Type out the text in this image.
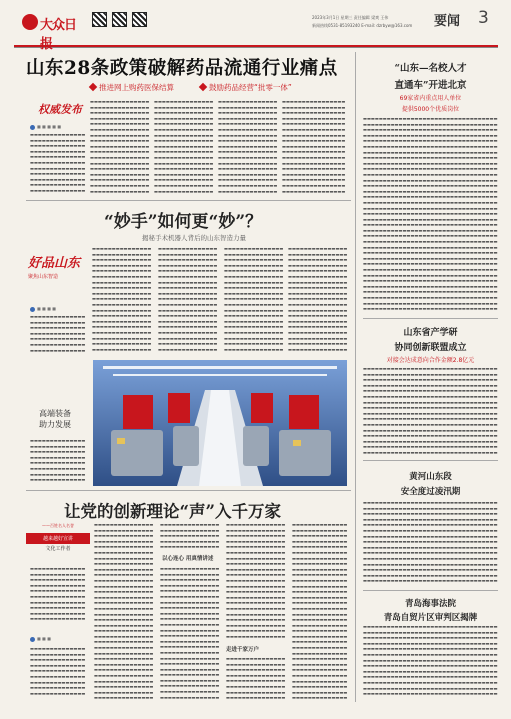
大众日
2023年3月1日 星期三 责任编辑 梁爽 王伟
新闻热线0531-85193240 E-mail: dzrbyw@163.com 要闻 3
山东28条政策破解药品流通行业痛点
推进网上购药医保结算	鼓励药品经营“批零一体”
权威发布
■ ■ ■ ■ ■
▬▬▬▬▬▬▬▬▬▬▬▬▬▬
▬▬▬▬▬▬▬▬▬▬▬▬▬▬
▬▬▬▬▬▬▬▬▬▬▬▬▬▬
▬▬▬▬▬▬▬▬▬▬▬▬▬▬
▬▬▬▬▬▬▬▬▬▬▬▬▬▬
▬▬▬▬▬▬▬▬▬▬▬▬▬▬
▬▬▬▬▬▬▬▬▬▬▬▬▬▬
▬▬▬▬▬▬▬▬▬▬▬▬▬▬
▬▬▬▬▬▬▬▬▬▬▬▬▬▬
▬▬▬▬▬▬▬▬▬▬▬▬▬▬
▬▬▬▬▬▬▬▬▬▬▬▬▬▬
▬▬▬▬▬▬▬▬▬▬▬▬▬▬▬
▬▬▬▬▬▬▬▬▬▬▬▬▬▬▬
▬▬▬▬▬▬▬▬▬▬▬▬▬▬▬
▬▬▬▬▬▬▬▬▬▬▬▬▬▬▬
▬▬▬▬▬▬▬▬▬▬▬▬▬▬▬
▬▬▬▬▬▬▬▬▬▬▬▬▬▬▬
▬▬▬▬▬▬▬▬▬▬▬▬▬▬▬
▬▬▬▬▬▬▬▬▬▬▬▬▬▬▬
▬▬▬▬▬▬▬▬▬▬▬▬▬▬▬
▬▬▬▬▬▬▬▬▬▬▬▬▬▬▬
▬▬▬▬▬▬▬▬▬▬▬▬▬▬▬
▬▬▬▬▬▬▬▬▬▬▬▬▬▬▬
▬▬▬▬▬▬▬▬▬▬▬▬▬▬▬
▬▬▬▬▬▬▬▬▬▬▬▬▬▬▬
▬▬▬▬▬▬▬▬▬▬▬▬▬▬▬
▬▬▬▬▬▬▬▬▬▬▬▬▬▬▬
▬▬▬▬▬▬▬▬▬▬▬▬▬▬▬
▬▬▬▬▬▬▬▬▬▬▬▬▬▬▬
▬▬▬▬▬▬▬▬▬▬▬▬▬▬▬
▬▬▬▬▬▬▬▬▬▬▬▬▬▬▬
▬▬▬▬▬▬▬▬▬▬▬▬▬▬▬
▬▬▬▬▬▬▬▬▬▬▬▬▬▬▬
▬▬▬▬▬▬▬▬▬▬▬▬▬▬▬
▬▬▬▬▬▬▬▬▬▬▬▬▬▬▬
▬▬▬▬▬▬▬▬▬▬▬▬▬▬▬
▬▬▬▬▬▬▬▬▬▬▬▬▬▬▬
▬▬▬▬▬▬▬▬▬▬▬▬▬▬▬
▬▬▬▬▬▬▬▬▬▬▬▬▬▬▬
▬▬▬▬▬▬▬▬▬▬▬▬▬▬▬
▬▬▬▬▬▬▬▬▬▬▬▬▬▬▬
▬▬▬▬▬▬▬▬▬▬▬▬▬▬▬
▬▬▬▬▬▬▬▬▬▬▬▬▬▬▬
▬▬▬▬▬▬▬▬▬▬▬▬▬▬▬
▬▬▬▬▬▬▬▬▬▬▬▬▬▬▬
▬▬▬▬▬▬▬▬▬▬▬▬▬▬▬
▬▬▬▬▬▬▬▬▬▬▬▬▬▬▬
▬▬▬▬▬▬▬▬▬▬▬▬▬▬▬
▬▬▬▬▬▬▬▬▬▬▬▬▬▬▬
▬▬▬▬▬▬▬▬▬▬▬▬▬▬▬
▬▬▬▬▬▬▬▬▬▬▬▬▬▬▬
▬▬▬▬▬▬▬▬▬▬▬▬▬▬▬
▬▬▬▬▬▬▬▬▬▬▬▬▬▬▬
▬▬▬▬▬▬▬▬▬▬▬▬▬▬▬
▬▬▬▬▬▬▬▬▬▬▬▬▬▬▬
▬▬▬▬▬▬▬▬▬▬▬▬▬▬▬
▬▬▬▬▬▬▬▬▬▬▬▬▬▬▬
▬▬▬▬▬▬▬▬▬▬▬▬▬▬▬
▬▬▬▬▬▬▬▬▬▬▬▬▬▬▬
▬▬▬▬▬▬▬▬▬▬▬▬▬▬▬
▬▬▬▬▬▬▬▬▬▬▬▬▬▬▬
▬▬▬▬▬▬▬▬▬▬▬▬▬▬▬
▬▬▬▬▬▬▬▬▬▬▬▬▬▬▬▬
▬▬▬▬▬▬▬▬▬▬▬▬▬▬▬▬
▬▬▬▬▬▬▬▬▬▬▬▬▬▬▬▬
▬▬▬▬▬▬▬▬▬▬▬▬▬▬▬▬
▬▬▬▬▬▬▬▬▬▬▬▬▬▬▬▬
▬▬▬▬▬▬▬▬▬▬▬▬▬▬▬▬
▬▬▬▬▬▬▬▬▬▬▬▬▬▬▬▬
▬▬▬▬▬▬▬▬▬▬▬▬▬▬▬▬
▬▬▬▬▬▬▬▬▬▬▬▬▬▬▬▬
▬▬▬▬▬▬▬▬▬▬▬▬▬▬▬▬
▬▬▬▬▬▬▬▬▬▬▬▬▬▬▬▬
▬▬▬▬▬▬▬▬▬▬▬▬▬▬▬▬
▬▬▬▬▬▬▬▬▬▬▬▬▬▬▬▬
▬▬▬▬▬▬▬▬▬▬▬▬▬▬▬▬
▬▬▬▬▬▬▬▬▬▬▬▬▬▬▬▬
▬▬▬▬▬▬▬▬▬▬▬▬▬▬▬▬
▬▬▬▬▬▬▬▬▬▬▬▬▬▬▬▬
“山东—名校人才
直通车”开进北京
69家省内重点用人单位
提供5000个优质岗位
▬▬▬▬▬▬▬▬▬▬▬▬▬▬▬▬▬▬▬▬▬▬▬▬▬▬▬▬▬▬▬▬▬▬
▬▬▬▬▬▬▬▬▬▬▬▬▬▬▬▬▬▬▬▬▬▬▬▬▬▬▬▬▬▬▬▬▬▬
▬▬▬▬▬▬▬▬▬▬▬▬▬▬▬▬▬▬▬▬▬▬▬▬▬▬▬▬▬▬▬▬▬▬
▬▬▬▬▬▬▬▬▬▬▬▬▬▬▬▬▬▬▬▬▬▬▬▬▬▬▬▬▬▬▬▬▬▬
▬▬▬▬▬▬▬▬▬▬▬▬▬▬▬▬▬▬▬▬▬▬▬▬▬▬▬▬▬▬▬▬▬▬
▬▬▬▬▬▬▬▬▬▬▬▬▬▬▬▬▬▬▬▬▬▬▬▬▬▬▬▬▬▬▬▬▬▬
▬▬▬▬▬▬▬▬▬▬▬▬▬▬▬▬▬▬▬▬▬▬▬▬▬▬▬▬▬▬▬▬▬▬
▬▬▬▬▬▬▬▬▬▬▬▬▬▬▬▬▬▬▬▬▬▬▬▬▬▬▬▬▬▬▬▬▬▬
▬▬▬▬▬▬▬▬▬▬▬▬▬▬▬▬▬▬▬▬▬▬▬▬▬▬▬▬▬▬▬▬▬▬
▬▬▬▬▬▬▬▬▬▬▬▬▬▬▬▬▬▬▬▬▬▬▬▬▬▬▬▬▬▬▬▬▬▬
▬▬▬▬▬▬▬▬▬▬▬▬▬▬▬▬▬▬▬▬▬▬▬▬▬▬▬▬▬▬▬▬▬▬
▬▬▬▬▬▬▬▬▬▬▬▬▬▬▬▬▬▬▬▬▬▬▬▬▬▬▬▬▬▬▬▬▬▬
▬▬▬▬▬▬▬▬▬▬▬▬▬▬▬▬▬▬▬▬▬▬▬▬▬▬▬▬▬▬▬▬▬▬
▬▬▬▬▬▬▬▬▬▬▬▬▬▬▬▬▬▬▬▬▬▬▬▬▬▬▬▬▬▬▬▬▬▬
▬▬▬▬▬▬▬▬▬▬▬▬▬▬▬▬▬▬▬▬▬▬▬▬▬▬▬▬▬▬▬▬▬▬
▬▬▬▬▬▬▬▬▬▬▬▬▬▬▬▬▬▬▬▬▬▬▬▬▬▬▬▬▬▬▬▬▬▬
▬▬▬▬▬▬▬▬▬▬▬▬▬▬▬▬▬▬▬▬▬▬▬▬▬▬▬▬▬▬▬▬▬▬
▬▬▬▬▬▬▬▬▬▬▬▬▬▬▬▬▬▬▬▬▬▬▬▬▬▬▬▬▬▬▬▬▬▬
▬▬▬▬▬▬▬▬▬▬▬▬▬▬▬▬▬▬▬▬▬▬▬▬▬▬▬▬▬▬▬▬▬▬
▬▬▬▬▬▬▬▬▬▬▬▬▬▬▬▬▬▬▬▬▬▬▬▬▬▬▬▬▬▬▬▬▬▬
▬▬▬▬▬▬▬▬▬▬▬▬▬▬▬▬▬▬▬▬▬▬▬▬▬▬▬▬▬▬▬▬▬▬
▬▬▬▬▬▬▬▬▬▬▬▬▬▬▬▬▬▬▬▬▬▬▬▬▬▬▬▬▬▬▬▬▬▬
▬▬▬▬▬▬▬▬▬▬▬▬▬▬▬▬▬▬▬▬▬▬▬▬▬▬▬▬▬▬▬▬▬▬
▬▬▬▬▬▬▬▬▬▬▬▬▬▬▬▬▬▬▬▬▬▬▬▬▬▬▬▬▬▬▬▬▬▬
▬▬▬▬▬▬▬▬▬▬▬▬▬▬▬▬▬▬▬▬▬▬▬▬▬▬▬▬▬▬▬▬▬▬
▬▬▬▬▬▬▬▬▬▬▬▬▬▬▬▬▬▬▬▬▬▬▬▬▬▬▬▬▬▬▬▬▬▬
▬▬▬▬▬▬▬▬▬▬▬▬▬▬▬▬▬▬▬▬▬▬▬▬▬▬▬▬▬▬▬▬▬▬
▬▬▬▬▬▬▬▬▬▬▬▬▬▬▬▬▬▬▬▬▬▬▬▬▬▬▬▬▬▬▬▬▬▬
▬▬▬▬▬▬▬▬▬▬▬▬▬▬▬▬▬▬▬▬▬▬▬▬▬▬▬▬▬▬▬▬▬▬
▬▬▬▬▬▬▬▬▬▬▬▬▬▬▬▬▬▬▬▬▬▬▬▬▬▬▬▬▬▬▬▬▬▬
▬▬▬▬▬▬▬▬▬▬▬▬▬▬▬▬▬▬▬▬▬▬▬▬▬▬▬▬▬▬▬▬▬▬
▬▬▬▬▬▬▬▬▬▬▬▬▬▬▬▬▬▬▬▬▬▬▬▬▬▬▬▬▬▬▬▬▬▬
▬▬▬▬▬▬▬▬▬▬▬▬▬▬▬▬▬▬▬▬▬▬▬▬▬▬▬▬▬▬▬▬▬▬
▬▬▬▬▬▬▬▬▬▬▬▬▬▬▬▬▬▬▬▬▬▬▬▬▬▬▬▬▬▬▬▬▬▬
▬▬▬▬▬▬▬▬▬▬▬▬▬▬▬▬▬▬▬▬▬▬▬▬▬▬▬▬▬▬▬▬▬▬
山东省产学研
协同创新联盟成立
对接会达成意向合作金额2.8亿元
▬▬▬▬▬▬▬▬▬▬▬▬▬▬▬▬▬▬▬▬▬▬▬▬▬▬▬▬▬▬▬▬▬▬
▬▬▬▬▬▬▬▬▬▬▬▬▬▬▬▬▬▬▬▬▬▬▬▬▬▬▬▬▬▬▬▬▬▬
▬▬▬▬▬▬▬▬▬▬▬▬▬▬▬▬▬▬▬▬▬▬▬▬▬▬▬▬▬▬▬▬▬▬
▬▬▬▬▬▬▬▬▬▬▬▬▬▬▬▬▬▬▬▬▬▬▬▬▬▬▬▬▬▬▬▬▬▬
▬▬▬▬▬▬▬▬▬▬▬▬▬▬▬▬▬▬▬▬▬▬▬▬▬▬▬▬▬▬▬▬▬▬
▬▬▬▬▬▬▬▬▬▬▬▬▬▬▬▬▬▬▬▬▬▬▬▬▬▬▬▬▬▬▬▬▬▬
▬▬▬▬▬▬▬▬▬▬▬▬▬▬▬▬▬▬▬▬▬▬▬▬▬▬▬▬▬▬▬▬▬▬
▬▬▬▬▬▬▬▬▬▬▬▬▬▬▬▬▬▬▬▬▬▬▬▬▬▬▬▬▬▬▬▬▬▬
▬▬▬▬▬▬▬▬▬▬▬▬▬▬▬▬▬▬▬▬▬▬▬▬▬▬▬▬▬▬▬▬▬▬
▬▬▬▬▬▬▬▬▬▬▬▬▬▬▬▬▬▬▬▬▬▬▬▬▬▬▬▬▬▬▬▬▬▬
▬▬▬▬▬▬▬▬▬▬▬▬▬▬▬▬▬▬▬▬▬▬▬▬▬▬▬▬▬▬▬▬▬▬
▬▬▬▬▬▬▬▬▬▬▬▬▬▬▬▬▬▬▬▬▬▬▬▬▬▬▬▬▬▬▬▬▬▬
▬▬▬▬▬▬▬▬▬▬▬▬▬▬▬▬▬▬▬▬▬▬▬▬▬▬▬▬▬▬▬▬▬▬
▬▬▬▬▬▬▬▬▬▬▬▬▬▬▬▬▬▬▬▬▬▬▬▬▬▬▬▬▬▬▬▬▬▬
▬▬▬▬▬▬▬▬▬▬▬▬▬▬▬▬▬▬▬▬▬▬▬▬▬▬▬▬▬▬▬▬▬▬
▬▬▬▬▬▬▬▬▬▬▬▬▬▬▬▬▬▬▬▬▬▬▬▬▬▬▬▬▬▬▬▬▬▬
黄河山东段
安全度过凌汛期
▬▬▬▬▬▬▬▬▬▬▬▬▬▬▬▬▬▬▬▬▬▬▬▬▬▬▬▬▬▬▬▬▬▬
▬▬▬▬▬▬▬▬▬▬▬▬▬▬▬▬▬▬▬▬▬▬▬▬▬▬▬▬▬▬▬▬▬▬
▬▬▬▬▬▬▬▬▬▬▬▬▬▬▬▬▬▬▬▬▬▬▬▬▬▬▬▬▬▬▬▬▬▬
▬▬▬▬▬▬▬▬▬▬▬▬▬▬▬▬▬▬▬▬▬▬▬▬▬▬▬▬▬▬▬▬▬▬
▬▬▬▬▬▬▬▬▬▬▬▬▬▬▬▬▬▬▬▬▬▬▬▬▬▬▬▬▬▬▬▬▬▬
▬▬▬▬▬▬▬▬▬▬▬▬▬▬▬▬▬▬▬▬▬▬▬▬▬▬▬▬▬▬▬▬▬▬
▬▬▬▬▬▬▬▬▬▬▬▬▬▬▬▬▬▬▬▬▬▬▬▬▬▬▬▬▬▬▬▬▬▬
▬▬▬▬▬▬▬▬▬▬▬▬▬▬▬▬▬▬▬▬▬▬▬▬▬▬▬▬▬▬▬▬▬▬
▬▬▬▬▬▬▬▬▬▬▬▬▬▬▬▬▬▬▬▬▬▬▬▬▬▬▬▬▬▬▬▬▬▬
▬▬▬▬▬▬▬▬▬▬▬▬▬▬▬▬▬▬▬▬▬▬▬▬▬▬▬▬▬▬▬▬▬▬
▬▬▬▬▬▬▬▬▬▬▬▬▬▬▬▬▬▬▬▬▬▬▬▬▬▬▬▬▬▬▬▬▬▬
▬▬▬▬▬▬▬▬▬▬▬▬▬▬▬▬▬▬▬▬▬▬▬▬▬▬▬▬▬▬▬▬▬▬
▬▬▬▬▬▬▬▬▬▬▬▬▬▬▬▬▬▬▬▬▬▬▬▬▬▬▬▬▬▬▬▬▬▬
▬▬▬▬▬▬▬▬▬▬▬▬▬▬▬▬▬▬▬▬▬▬▬▬▬▬▬▬▬▬▬▬▬▬
▬▬▬▬▬▬▬▬▬▬▬▬▬▬▬▬▬▬▬▬▬▬▬▬▬▬▬▬▬▬▬▬▬▬
青岛海事法院
青岛自贸片区审判区揭牌
▬▬▬▬▬▬▬▬▬▬▬▬▬▬▬▬▬▬▬▬▬▬▬▬▬▬▬▬▬▬▬▬▬▬
▬▬▬▬▬▬▬▬▬▬▬▬▬▬▬▬▬▬▬▬▬▬▬▬▬▬▬▬▬▬▬▬▬▬
▬▬▬▬▬▬▬▬▬▬▬▬▬▬▬▬▬▬▬▬▬▬▬▬▬▬▬▬▬▬▬▬▬▬
▬▬▬▬▬▬▬▬▬▬▬▬▬▬▬▬▬▬▬▬▬▬▬▬▬▬▬▬▬▬▬▬▬▬
▬▬▬▬▬▬▬▬▬▬▬▬▬▬▬▬▬▬▬▬▬▬▬▬▬▬▬▬▬▬▬▬▬▬
▬▬▬▬▬▬▬▬▬▬▬▬▬▬▬▬▬▬▬▬▬▬▬▬▬▬▬▬▬▬▬▬▬▬
▬▬▬▬▬▬▬▬▬▬▬▬▬▬▬▬▬▬▬▬▬▬▬▬▬▬▬▬▬▬▬▬▬▬
▬▬▬▬▬▬▬▬▬▬▬▬▬▬▬▬▬▬▬▬▬▬▬▬▬▬▬▬▬▬▬▬▬▬
▬▬▬▬▬▬▬▬▬▬▬▬▬▬▬▬▬▬▬▬▬▬▬▬▬▬▬▬▬▬▬▬▬▬
▬▬▬▬▬▬▬▬▬▬▬▬▬▬▬▬▬▬▬▬▬▬▬▬▬▬▬▬▬▬▬▬▬▬
▬▬▬▬▬▬▬▬▬▬▬▬▬▬▬▬▬▬▬▬▬▬▬▬▬▬▬▬▬▬▬▬▬▬
▬▬▬▬▬▬▬▬▬▬▬▬▬▬▬▬▬▬▬▬▬▬▬▬▬▬▬▬▬▬▬▬▬▬
▬▬▬▬▬▬▬▬▬▬▬▬▬▬▬▬▬▬▬▬▬▬▬▬▬▬▬▬▬▬▬▬▬▬
“妙手”如何更“妙”？
揭秘手术机器人背后的山东智造力量
好品山东
聚焦山东智造
■ ■ ■ ■
▬▬▬▬▬▬▬▬▬▬▬▬▬▬
▬▬▬▬▬▬▬▬▬▬▬▬▬▬
▬▬▬▬▬▬▬▬▬▬▬▬▬▬
▬▬▬▬▬▬▬▬▬▬▬▬▬▬
▬▬▬▬▬▬▬▬▬▬▬▬▬▬
▬▬▬▬▬▬▬▬▬▬▬▬▬▬
▬▬▬▬▬▬▬▬▬▬▬▬▬▬
▬▬▬▬▬▬▬▬▬▬▬▬▬▬▬
▬▬▬▬▬▬▬▬▬▬▬▬▬▬▬
▬▬▬▬▬▬▬▬▬▬▬▬▬▬▬
▬▬▬▬▬▬▬▬▬▬▬▬▬▬▬
▬▬▬▬▬▬▬▬▬▬▬▬▬▬▬
▬▬▬▬▬▬▬▬▬▬▬▬▬▬▬
▬▬▬▬▬▬▬▬▬▬▬▬▬▬▬
▬▬▬▬▬▬▬▬▬▬▬▬▬▬▬
▬▬▬▬▬▬▬▬▬▬▬▬▬▬▬
▬▬▬▬▬▬▬▬▬▬▬▬▬▬▬
▬▬▬▬▬▬▬▬▬▬▬▬▬▬▬
▬▬▬▬▬▬▬▬▬▬▬▬▬▬▬
▬▬▬▬▬▬▬▬▬▬▬▬▬▬▬
▬▬▬▬▬▬▬▬▬▬▬▬▬▬▬
▬▬▬▬▬▬▬▬▬▬▬▬▬▬▬
▬▬▬▬▬▬▬▬▬▬▬▬▬▬▬
▬▬▬▬▬▬▬▬▬▬▬▬▬▬▬
▬▬▬▬▬▬▬▬▬▬▬▬▬▬▬
▬▬▬▬▬▬▬▬▬▬▬▬▬▬▬
▬▬▬▬▬▬▬▬▬▬▬▬▬▬▬
▬▬▬▬▬▬▬▬▬▬▬▬▬▬▬
▬▬▬▬▬▬▬▬▬▬▬▬▬▬▬
▬▬▬▬▬▬▬▬▬▬▬▬▬▬▬
▬▬▬▬▬▬▬▬▬▬▬▬▬▬▬
▬▬▬▬▬▬▬▬▬▬▬▬▬▬▬
▬▬▬▬▬▬▬▬▬▬▬▬▬▬▬
▬▬▬▬▬▬▬▬▬▬▬▬▬▬▬
▬▬▬▬▬▬▬▬▬▬▬▬▬▬▬
▬▬▬▬▬▬▬▬▬▬▬▬▬▬▬
▬▬▬▬▬▬▬▬▬▬▬▬▬▬▬
▬▬▬▬▬▬▬▬▬▬▬▬▬▬▬
▬▬▬▬▬▬▬▬▬▬▬▬▬▬▬
▬▬▬▬▬▬▬▬▬▬▬▬▬▬▬
▬▬▬▬▬▬▬▬▬▬▬▬▬▬▬
▬▬▬▬▬▬▬▬▬▬▬▬▬▬▬
▬▬▬▬▬▬▬▬▬▬▬▬▬▬▬
▬▬▬▬▬▬▬▬▬▬▬▬▬▬▬
▬▬▬▬▬▬▬▬▬▬▬▬▬▬▬
▬▬▬▬▬▬▬▬▬▬▬▬▬▬▬
▬▬▬▬▬▬▬▬▬▬▬▬▬▬▬
▬▬▬▬▬▬▬▬▬▬▬▬▬▬▬
▬▬▬▬▬▬▬▬▬▬▬▬▬▬▬
▬▬▬▬▬▬▬▬▬▬▬▬▬▬▬
▬▬▬▬▬▬▬▬▬▬▬▬▬▬▬
▬▬▬▬▬▬▬▬▬▬▬▬▬▬▬
▬▬▬▬▬▬▬▬▬▬▬▬▬▬▬
▬▬▬▬▬▬▬▬▬▬▬▬▬▬▬
▬▬▬▬▬▬▬▬▬▬▬▬▬▬▬
▬▬▬▬▬▬▬▬▬▬▬▬▬▬▬
▬▬▬▬▬▬▬▬▬▬▬▬▬▬▬
▬▬▬▬▬▬▬▬▬▬▬▬▬▬▬
▬▬▬▬▬▬▬▬▬▬▬▬▬▬▬
▬▬▬▬▬▬▬▬▬▬▬▬▬▬▬
▬▬▬▬▬▬▬▬▬▬▬▬▬▬▬
▬▬▬▬▬▬▬▬▬▬▬▬▬▬▬
▬▬▬▬▬▬▬▬▬▬▬▬▬▬▬
▬▬▬▬▬▬▬▬▬▬▬▬▬▬▬
▬▬▬▬▬▬▬▬▬▬▬▬▬▬▬
▬▬▬▬▬▬▬▬▬▬▬▬▬▬▬
▬▬▬▬▬▬▬▬▬▬▬▬▬▬▬
▬▬▬▬▬▬▬▬▬▬▬▬▬▬▬
▬▬▬▬▬▬▬▬▬▬▬▬▬▬▬
▬▬▬▬▬▬▬▬▬▬▬▬▬▬▬
▬▬▬▬▬▬▬▬▬▬▬▬▬▬▬
▬▬▬▬▬▬▬▬▬▬▬▬▬▬▬
▬▬▬▬▬▬▬▬▬▬▬▬▬▬▬
▬▬▬▬▬▬▬▬▬▬▬▬▬▬▬
▬▬▬▬▬▬▬▬▬▬▬▬▬▬▬
▬▬▬▬▬▬▬▬▬▬▬▬▬▬▬
▬▬▬▬▬▬▬▬▬▬▬▬▬▬▬
▬▬▬▬▬▬▬▬▬▬▬▬▬▬▬
▬▬▬▬▬▬▬▬▬▬▬▬▬▬▬
▬▬▬▬▬▬▬▬▬▬▬▬▬▬▬
▬▬▬▬▬▬▬▬▬▬▬▬▬▬▬
▬▬▬▬▬▬▬▬▬▬▬▬▬▬▬
▬▬▬▬▬▬▬▬▬▬▬▬▬▬▬
高端装备
助力发展
▬▬▬▬▬▬▬▬▬▬▬▬▬▬
▬▬▬▬▬▬▬▬▬▬▬▬▬▬
▬▬▬▬▬▬▬▬▬▬▬▬▬▬
▬▬▬▬▬▬▬▬▬▬▬▬▬▬
▬▬▬▬▬▬▬▬▬▬▬▬▬▬
▬▬▬▬▬▬▬▬▬▬▬▬▬▬
▬▬▬▬▬▬▬▬▬▬▬▬▬▬
▬▬▬▬▬▬▬▬▬▬▬▬▬▬
让党的创新理论“声”入千万家
——百姓名人名誉
越来越好宣讲
文化工作者
▬▬▬▬▬▬▬▬▬▬▬▬▬▬
▬▬▬▬▬▬▬▬▬▬▬▬▬▬
▬▬▬▬▬▬▬▬▬▬▬▬▬▬
▬▬▬▬▬▬▬▬▬▬▬▬▬▬
▬▬▬▬▬▬▬▬▬▬▬▬▬▬
▬▬▬▬▬▬▬▬▬▬▬▬▬▬
▬▬▬▬▬▬▬▬▬▬▬▬▬▬
▬▬▬▬▬▬▬▬▬▬▬▬▬▬
▬▬▬▬▬▬▬▬▬▬▬▬▬▬
▬▬▬▬▬▬▬▬▬▬▬▬▬▬
■ ■ ■
▬▬▬▬▬▬▬▬▬▬▬▬▬▬
▬▬▬▬▬▬▬▬▬▬▬▬▬▬
▬▬▬▬▬▬▬▬▬▬▬▬▬▬
▬▬▬▬▬▬▬▬▬▬▬▬▬▬
▬▬▬▬▬▬▬▬▬▬▬▬▬▬
▬▬▬▬▬▬▬▬▬▬▬▬▬▬
▬▬▬▬▬▬▬▬▬▬▬▬▬▬
▬▬▬▬▬▬▬▬▬▬▬▬▬▬
▬▬▬▬▬▬▬▬▬▬▬▬▬▬
▬▬▬▬▬▬▬▬▬▬▬▬▬▬▬
▬▬▬▬▬▬▬▬▬▬▬▬▬▬▬
▬▬▬▬▬▬▬▬▬▬▬▬▬▬▬
▬▬▬▬▬▬▬▬▬▬▬▬▬▬▬
▬▬▬▬▬▬▬▬▬▬▬▬▬▬▬
▬▬▬▬▬▬▬▬▬▬▬▬▬▬▬
▬▬▬▬▬▬▬▬▬▬▬▬▬▬▬
▬▬▬▬▬▬▬▬▬▬▬▬▬▬▬
▬▬▬▬▬▬▬▬▬▬▬▬▬▬▬
▬▬▬▬▬▬▬▬▬▬▬▬▬▬▬
▬▬▬▬▬▬▬▬▬▬▬▬▬▬▬
▬▬▬▬▬▬▬▬▬▬▬▬▬▬▬
▬▬▬▬▬▬▬▬▬▬▬▬▬▬▬
▬▬▬▬▬▬▬▬▬▬▬▬▬▬▬
▬▬▬▬▬▬▬▬▬▬▬▬▬▬▬
▬▬▬▬▬▬▬▬▬▬▬▬▬▬▬
▬▬▬▬▬▬▬▬▬▬▬▬▬▬▬
▬▬▬▬▬▬▬▬▬▬▬▬▬▬▬
▬▬▬▬▬▬▬▬▬▬▬▬▬▬▬
▬▬▬▬▬▬▬▬▬▬▬▬▬▬▬
▬▬▬▬▬▬▬▬▬▬▬▬▬▬▬
▬▬▬▬▬▬▬▬▬▬▬▬▬▬▬
▬▬▬▬▬▬▬▬▬▬▬▬▬▬▬
▬▬▬▬▬▬▬▬▬▬▬▬▬▬▬
▬▬▬▬▬▬▬▬▬▬▬▬▬▬▬
▬▬▬▬▬▬▬▬▬▬▬▬▬▬▬
▬▬▬▬▬▬▬▬▬▬▬▬▬▬▬
▬▬▬▬▬▬▬▬▬▬▬▬▬▬▬
▬▬▬▬▬▬▬▬▬▬▬▬▬▬▬
▬▬▬▬▬▬▬▬▬▬▬▬▬▬▬
▬▬▬▬▬▬▬▬▬▬▬▬▬▬▬
▬▬▬▬▬▬▬▬▬▬▬▬▬▬▬
以心连心 用真情讲述
▬▬▬▬▬▬▬▬▬▬▬▬▬▬▬
▬▬▬▬▬▬▬▬▬▬▬▬▬▬▬
▬▬▬▬▬▬▬▬▬▬▬▬▬▬▬
▬▬▬▬▬▬▬▬▬▬▬▬▬▬▬
▬▬▬▬▬▬▬▬▬▬▬▬▬▬▬
▬▬▬▬▬▬▬▬▬▬▬▬▬▬▬
▬▬▬▬▬▬▬▬▬▬▬▬▬▬▬
▬▬▬▬▬▬▬▬▬▬▬▬▬▬▬
▬▬▬▬▬▬▬▬▬▬▬▬▬▬▬
▬▬▬▬▬▬▬▬▬▬▬▬▬▬▬
▬▬▬▬▬▬▬▬▬▬▬▬▬▬▬
▬▬▬▬▬▬▬▬▬▬▬▬▬▬▬
▬▬▬▬▬▬▬▬▬▬▬▬▬▬▬
▬▬▬▬▬▬▬▬▬▬▬▬▬▬▬
▬▬▬▬▬▬▬▬▬▬▬▬▬▬▬
▬▬▬▬▬▬▬▬▬▬▬▬▬▬▬
▬▬▬▬▬▬▬▬▬▬▬▬▬▬▬
▬▬▬▬▬▬▬▬▬▬▬▬▬▬▬
▬▬▬▬▬▬▬▬▬▬▬▬▬▬▬
▬▬▬▬▬▬▬▬▬▬▬▬▬▬▬
▬▬▬▬▬▬▬▬▬▬▬▬▬▬▬
▬▬▬▬▬▬▬▬▬▬▬▬▬▬▬
▬▬▬▬▬▬▬▬▬▬▬▬▬▬▬
▬▬▬▬▬▬▬▬▬▬▬▬▬▬▬
▬▬▬▬▬▬▬▬▬▬▬▬▬▬▬
▬▬▬▬▬▬▬▬▬▬▬▬▬▬▬
▬▬▬▬▬▬▬▬▬▬▬▬▬▬▬
▬▬▬▬▬▬▬▬▬▬▬▬▬▬▬
▬▬▬▬▬▬▬▬▬▬▬▬▬▬▬
走进千家万户
▬▬▬▬▬▬▬▬▬▬▬▬▬▬▬
▬▬▬▬▬▬▬▬▬▬▬▬▬▬▬
▬▬▬▬▬▬▬▬▬▬▬▬▬▬▬
▬▬▬▬▬▬▬▬▬▬▬▬▬▬▬
▬▬▬▬▬▬▬▬▬▬▬▬▬▬▬
▬▬▬▬▬▬▬▬▬▬▬▬▬▬▬
▬▬▬▬▬▬▬▬▬▬▬▬▬▬▬
▬▬▬▬▬▬▬▬▬▬▬▬▬▬▬
▬▬▬▬▬▬▬▬▬▬▬▬▬▬▬
▬▬▬▬▬▬▬▬▬▬▬▬▬▬▬
▬▬▬▬▬▬▬▬▬▬▬▬▬▬▬
▬▬▬▬▬▬▬▬▬▬▬▬▬▬▬
▬▬▬▬▬▬▬▬▬▬▬▬▬▬▬
▬▬▬▬▬▬▬▬▬▬▬▬▬▬▬
▬▬▬▬▬▬▬▬▬▬▬▬▬▬▬
▬▬▬▬▬▬▬▬▬▬▬▬▬▬▬
▬▬▬▬▬▬▬▬▬▬▬▬▬▬▬
▬▬▬▬▬▬▬▬▬▬▬▬▬▬▬
▬▬▬▬▬▬▬▬▬▬▬▬▬▬▬
▬▬▬▬▬▬▬▬▬▬▬▬▬▬▬
▬▬▬▬▬▬▬▬▬▬▬▬▬▬▬
▬▬▬▬▬▬▬▬▬▬▬▬▬▬▬
▬▬▬▬▬▬▬▬▬▬▬▬▬▬▬
▬▬▬▬▬▬▬▬▬▬▬▬▬▬▬
▬▬▬▬▬▬▬▬▬▬▬▬▬▬▬
▬▬▬▬▬▬▬▬▬▬▬▬▬▬▬
▬▬▬▬▬▬▬▬▬▬▬▬▬▬▬
▬▬▬▬▬▬▬▬▬▬▬▬▬▬▬
▬▬▬▬▬▬▬▬▬▬▬▬▬▬▬
▬▬▬▬▬▬▬▬▬▬▬▬▬▬
▬▬▬▬▬▬▬▬▬▬▬▬▬▬
▬▬▬▬▬▬▬▬▬▬▬▬▬▬
▬▬▬▬▬▬▬▬▬▬▬▬▬▬
▬▬▬▬▬▬▬▬▬▬▬▬▬▬
▬▬▬▬▬▬▬▬▬▬▬▬▬▬
▬▬▬▬▬▬▬▬▬▬▬▬▬▬
▬▬▬▬▬▬▬▬▬▬▬▬▬▬
▬▬▬▬▬▬▬▬▬▬▬▬▬▬
▬▬▬▬▬▬▬▬▬▬▬▬▬▬
▬▬▬▬▬▬▬▬▬▬▬▬▬▬
▬▬▬▬▬▬▬▬▬▬▬▬▬▬
▬▬▬▬▬▬▬▬▬▬▬▬▬▬
▬▬▬▬▬▬▬▬▬▬▬▬▬▬
▬▬▬▬▬▬▬▬▬▬▬▬▬▬
▬▬▬▬▬▬▬▬▬▬▬▬▬▬
▬▬▬▬▬▬▬▬▬▬▬▬▬▬
▬▬▬▬▬▬▬▬▬▬▬▬▬▬
▬▬▬▬▬▬▬▬▬▬▬▬▬▬
▬▬▬▬▬▬▬▬▬▬▬▬▬▬
▬▬▬▬▬▬▬▬▬▬▬▬▬▬
▬▬▬▬▬▬▬▬▬▬▬▬▬▬
▬▬▬▬▬▬▬▬▬▬▬▬▬▬
▬▬▬▬▬▬▬▬▬▬▬▬▬▬
▬▬▬▬▬▬▬▬▬▬▬▬▬▬
▬▬▬▬▬▬▬▬▬▬▬▬▬▬
▬▬▬▬▬▬▬▬▬▬▬▬▬▬
▬▬▬▬▬▬▬▬▬▬▬▬▬▬
▬▬▬▬▬▬▬▬▬▬▬▬▬▬
▬▬▬▬▬▬▬▬▬▬▬▬▬▬
▬▬▬▬▬▬▬▬▬▬▬▬▬▬
▬▬▬▬▬▬▬▬▬▬▬▬▬▬
